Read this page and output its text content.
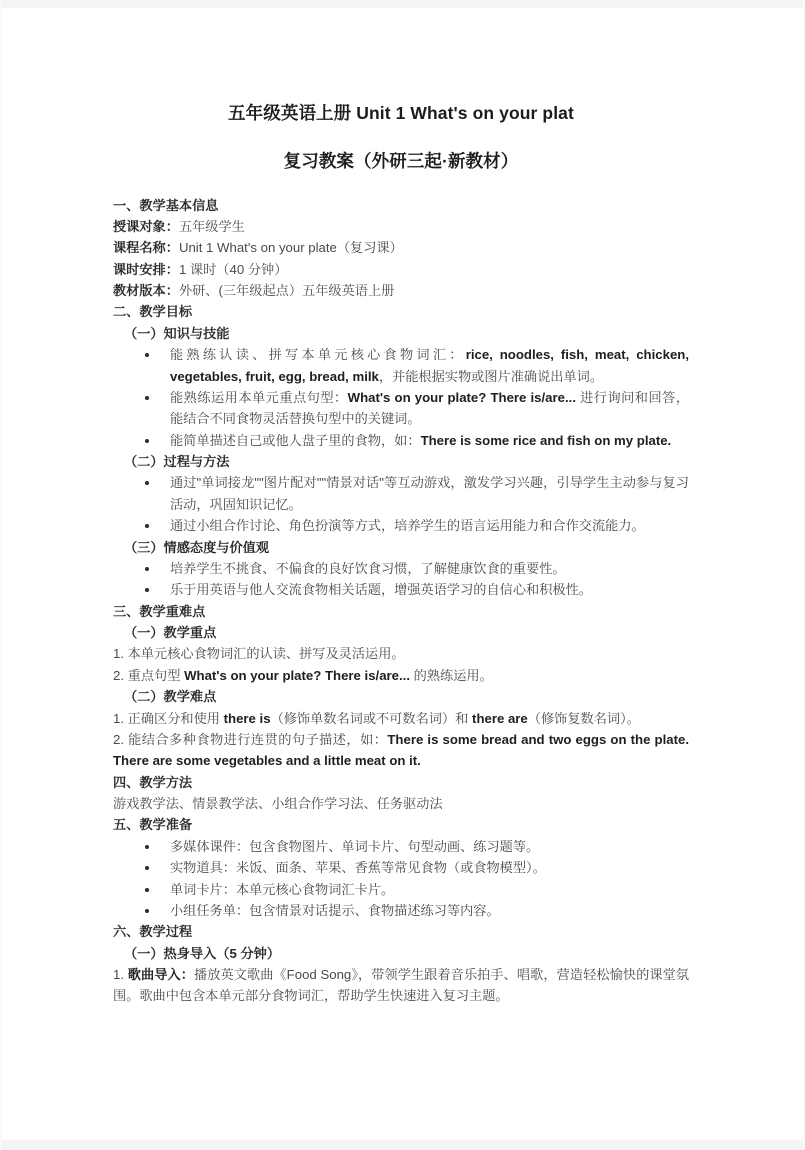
五年级英语上册 Unit 1 What's on your plat
复习教案（外研三起·新教材）
一、教学基本信息

授课对象：五年级学生

课程名称：Unit 1 What's on your plate（复习课）

课时安排：1 课时（40 分钟）

教材版本：外研、(三年级起点）五年级英语上册

二、教学目标
（一）知识与技能
能熟练认读、拼写本单元核心食物词汇：rice, noodles, fish, meat, chicken, vegetables, fruit, egg, bread, milk，并能根据实物或图片准确说出单词。
能熟练运用本单元重点句型：What's on your plate? There is/are... 进行询问和回答，能结合不同食物灵活替换句型中的关键词。
能简单描述自己或他人盘子里的食物，如：There is some rice and fish on my plate.
（二）过程与方法
通过"单词接龙""图片配对""情景对话"等互动游戏，激发学习兴趣，引导学生主动参与复习活动，巩固知识记忆。
通过小组合作讨论、角色扮演等方式，培养学生的语言运用能力和合作交流能力。
（三）情感态度与价值观
培养学生不挑食、不偏食的良好饮食习惯，了解健康饮食的重要性。
乐于用英语与他人交流食物相关话题，增强英语学习的自信心和积极性。
三、教学重难点
（一）教学重点

1. 本单元核心食物词汇的认读、拼写及灵活运用。

2. 重点句型 What's on your plate? There is/are... 的熟练运用。

（二）教学难点

1. 正确区分和使用 there is（修饰单数名词或不可数名词）和 there are（修饰复数名词）。

2. 能结合多种食物进行连贯的句子描述，如：There is some bread and two eggs on the plate. There are some vegetables and a little meat on it.

四、教学方法

游戏教学法、情景教学法、小组合作学习法、任务驱动法

五、教学准备
多媒体课件：包含食物图片、单词卡片、句型动画、练习题等。
实物道具：米饭、面条、苹果、香蕉等常见食物（或食物模型）。
单词卡片：本单元核心食物词汇卡片。
小组任务单：包含情景对话提示、食物描述练习等内容。
六、教学过程
（一）热身导入（5 分钟）

1. 歌曲导入：播放英文歌曲《Food Song》，带领学生跟着音乐拍手、唱歌，营造轻松愉快的课堂氛围。歌曲中包含本单元部分食物词汇，帮助学生快速进入复习主题。
